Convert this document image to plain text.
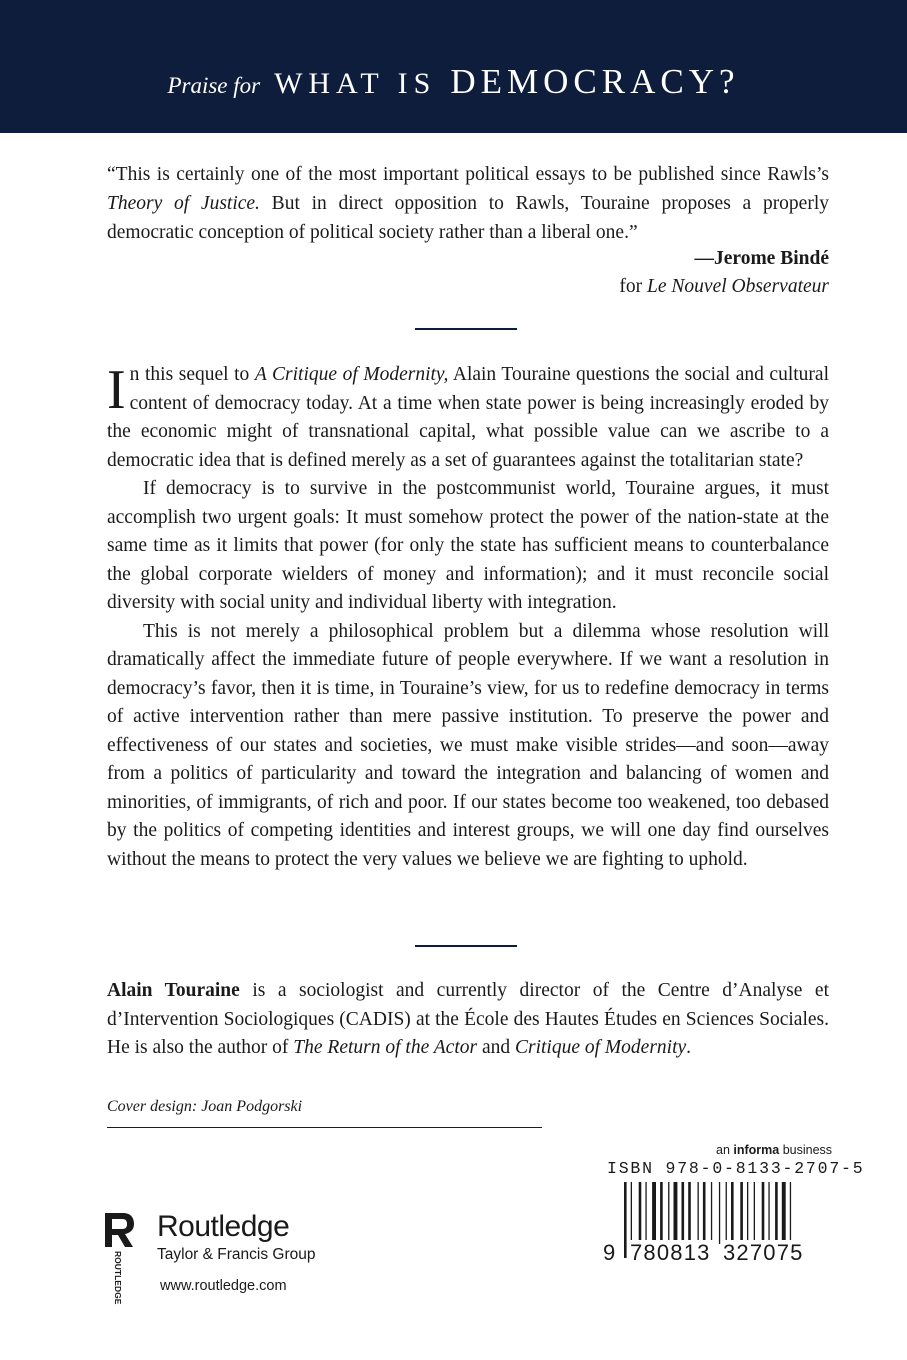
Praise for WHAT IS DEMOCRACY?
“This is certainly one of the most important political essays to be published since Rawls’s Theory of Justice. But in direct opposition to Rawls, Touraine proposes a properly democratic conception of political society rather than a liberal one.”
—Jerome Bindé
for Le Nouvel Observateur

In this sequel to A Critique of Modernity, Alain Touraine questions the social and cultural content of democracy today. At a time when state power is being increasingly eroded by the economic might of transnational capital, what possible value can we ascribe to a democratic idea that is defined merely as a set of guarantees against the totalitarian state?

If democracy is to survive in the postcommunist world, Touraine argues, it must accomplish two urgent goals: It must somehow protect the power of the nation-state at the same time as it limits that power (for only the state has sufficient means to counterbalance the global corporate wielders of money and information); and it must reconcile social diversity with social unity and individual liberty with integration.

This is not merely a philosophical problem but a dilemma whose resolution will dramatically affect the immediate future of people everywhere. If we want a resolution in democracy’s favor, then it is time, in Touraine’s view, for us to redefine democracy in terms of active intervention rather than mere passive institution. To preserve the power and effectiveness of our states and societies, we must make visible strides—and soon—away from a politics of particularity and toward the integration and balancing of women and minorities, of immigrants, of rich and poor. If our states become too weakened, too debased by the politics of competing identities and interest groups, we will one day find ourselves without the means to protect the very values we believe we are fighting to uphold.

Alain Touraine is a sociologist and currently director of the Centre d’Analyse et d’Intervention Sociologiques (CADIS) at the École des Hautes Études en Sciences Sociales. He is also the author of The Return of the Actor and Critique of Modernity.
Cover design: Joan Podgorski
ROUTLEDGE
Routledge
Taylor & Francis Group
www.routledge.com
an informa business
ISBN 978-0-8133-2707-5
9 780813 327075
